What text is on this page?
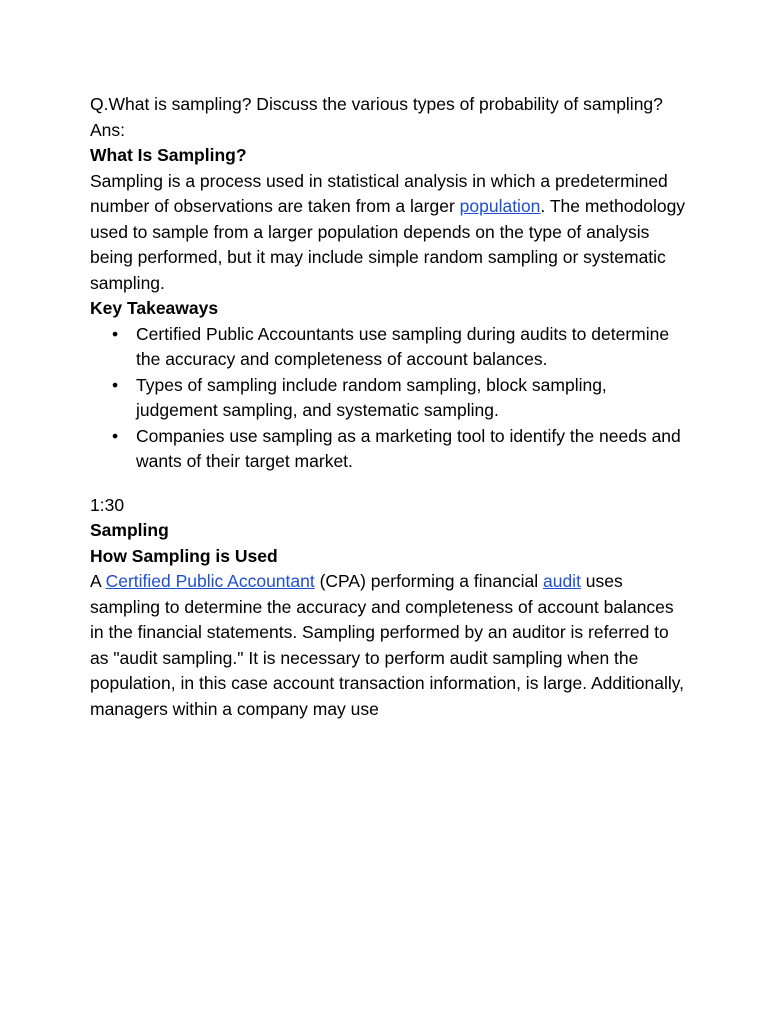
Q.What is sampling? Discuss the various types of probability of sampling?

Ans:

What Is Sampling?

Sampling is a process used in statistical analysis in which a predetermined number of observations are taken from a larger population. The methodology used to sample from a larger population depends on the type of analysis being performed, but it may include simple random sampling or systematic sampling.

Key Takeaways

• Certified Public Accountants use sampling during audits to determine the accuracy and completeness of account balances.
• Types of sampling include random sampling, block sampling, judgement sampling, and systematic sampling.
• Companies use sampling as a marketing tool to identify the needs and wants of their target market.

1:30

Sampling

How Sampling is Used

A Certified Public Accountant (CPA) performing a financial audit uses sampling to determine the accuracy and completeness of account balances in the financial statements. Sampling performed by an auditor is referred to as "audit sampling." It is necessary to perform audit sampling when the population, in this case account transaction information, is large. Additionally, managers within a company may use
